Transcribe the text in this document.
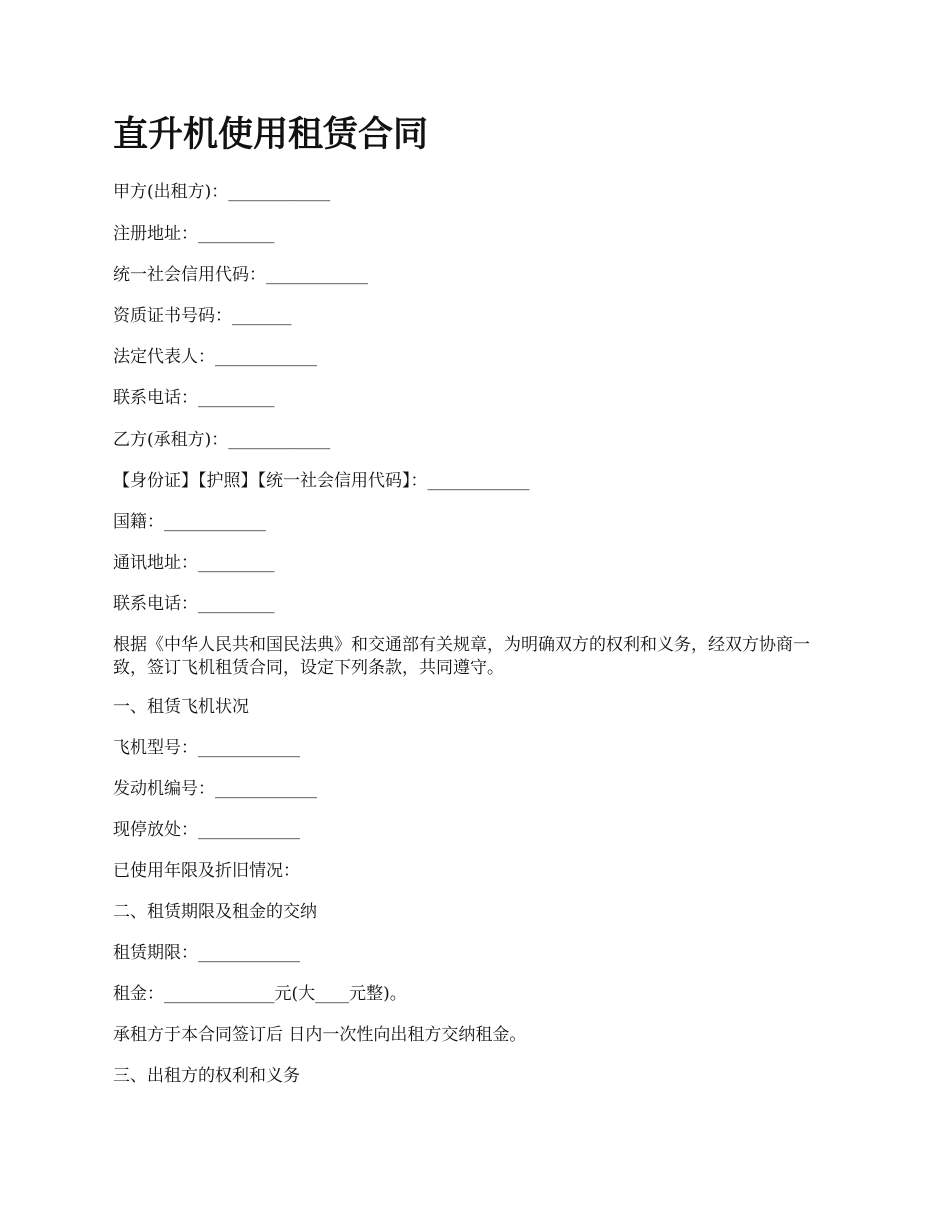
直升机使用租赁合同

甲方(出租方)：____________

注册地址：_________

统一社会信用代码：____________

资质证书号码：_______

法定代表人：____________

联系电话：_________

乙方(承租方)：____________

【身份证】【护照】【统一社会信用代码】：____________

国籍：____________

通讯地址：_________

联系电话：_________

根据《中华人民共和国民法典》和交通部有关规章，为明确双方的权利和义务，经双方协商一致，签订飞机租赁合同，设定下列条款，共同遵守。

一、租赁飞机状况

飞机型号：____________

发动机编号：____________

现停放处：____________

已使用年限及折旧情况：

二、租赁期限及租金的交纳

租赁期限：____________

租金：_____________元(大____元整)。

承租方于本合同签订后 日内一次性向出租方交纳租金。

三、出租方的权利和义务
